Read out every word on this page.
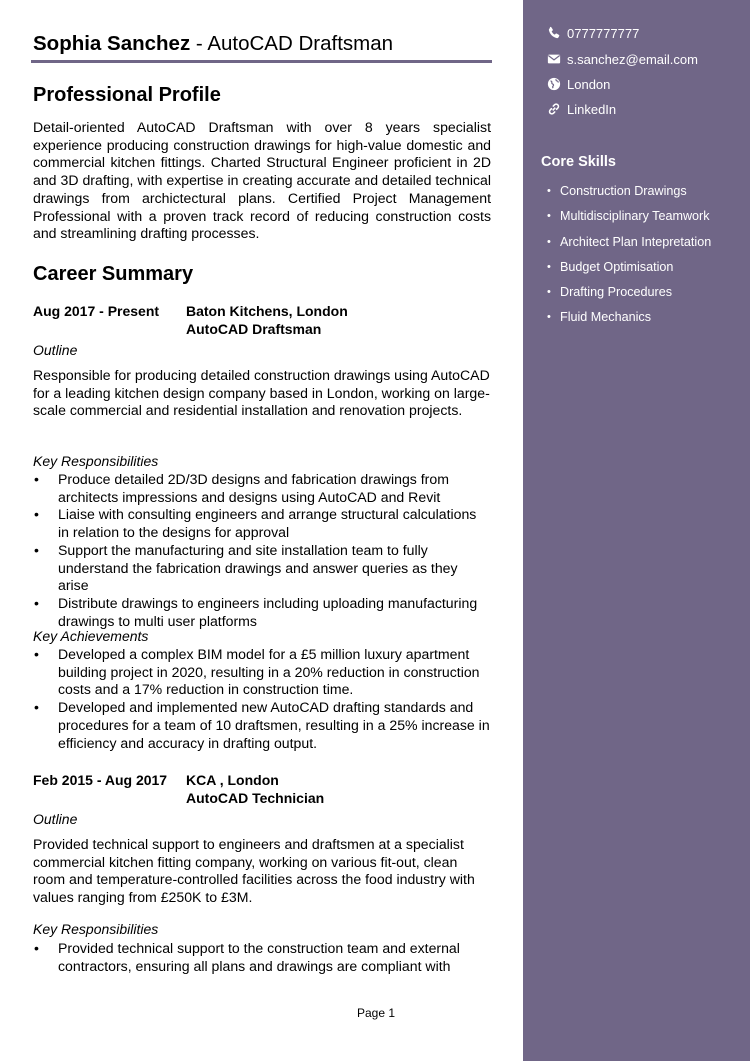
Sophia Sanchez - AutoCAD Draftsman
Professional Profile

Detail-oriented AutoCAD Draftsman with over 8 years specialist experience producing construction drawings for high-value domestic and commercial kitchen fittings. Charted Structural Engineer proficient in 2D and 3D drafting, with expertise in creating accurate and detailed technical drawings from archictectural plans. Certified Project Management Professional with a proven track record of reducing construction costs and streamlining drafting processes.

Career Summary
Aug 2017 - Present Baton Kitchens, London
AutoCAD Draftsman
Outline

Responsible for producing detailed construction drawings using AutoCAD for a leading kitchen design company based in London, working on large-scale commercial and residential installation and renovation projects.

Key Responsibilities
• Produce detailed 2D/3D designs and fabrication drawings from architects impressions and designs using AutoCAD and Revit
• Liaise with consulting engineers and arrange structural calculations in relation to the designs for approval
• Support the manufacturing and site installation team to fully understand the fabrication drawings and answer queries as they arise
• Distribute drawings to engineers including uploading manufacturing drawings to multi user platforms
Key Achievements
• Developed a complex BIM model for a £5 million luxury apartment building project in 2020, resulting in a 20% reduction in construction costs and a 17% reduction in construction time.
• Developed and implemented new AutoCAD drafting standards and procedures for a team of 10 draftsmen, resulting in a 25% increase in efficiency and accuracy in drafting output.
Feb 2015 - Aug 2017 KCA , London
AutoCAD Technician
Outline

Provided technical support to engineers and draftsmen at a specialist commercial kitchen fitting company, working on various fit-out, clean room and temperature-controlled facilities across the food industry with values ranging from £250K to £3M.

Key Responsibilities
• Provided technical support to the construction team and external contractors, ensuring all plans and drawings are compliant with
Page 1
0777777777
s.sanchez@email.com
London
LinkedIn
Core Skills
• Construction Drawings
• Multidisciplinary Teamwork
• Architect Plan Intepretation
• Budget Optimisation
• Drafting Procedures
• Fluid Mechanics
